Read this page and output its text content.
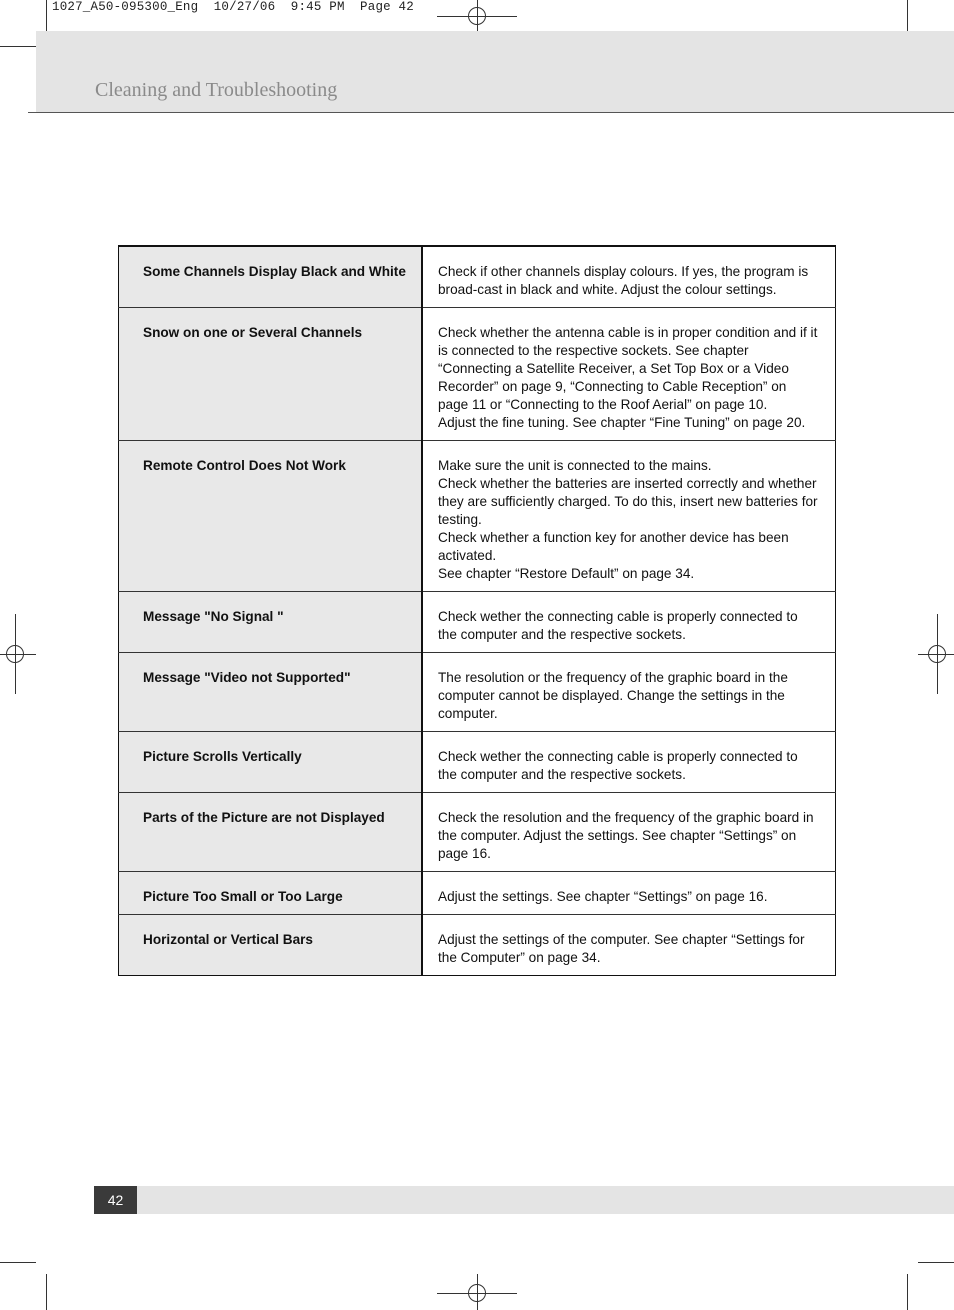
1027_A50-095300_Eng  10/27/06  9:45 PM  Page 42
Cleaning and Troubleshooting
Some Channels Display Black and White	Check if other channels display colours. If yes, the program is broad-cast in black and white. Adjust the colour settings.

Snow on one or Several Channels	Check whether the antenna cable is in proper condition and if it is connected to the respective sockets. See chapter “Connecting a Satellite Receiver, a Set Top Box or a Video Recorder” on page 9, “Connecting to Cable Reception” on page 11 or “Connecting to the Roof Aerial” on page 10.
Adjust the fine tuning. See chapter “Fine Tuning” on page 20.

Remote Control Does Not Work	Make sure the unit is connected to the mains.
Check whether the batteries are inserted correctly and whether they are sufficiently charged. To do this, insert new batteries for testing.
Check whether a function key for another device has been activated.
See chapter “Restore Default” on page 34.

Message "No Signal "	Check wether the connecting cable is properly connected to the computer and the respective sockets.

Message "Video not Supported"	The resolution or the frequency of the graphic board in the computer cannot be displayed. Change the settings in the computer.

Picture Scrolls Vertically	Check wether the connecting cable is properly connected to the computer and the respective sockets.

Parts of the Picture are not Displayed	Check the resolution and the frequency of the graphic board in the computer. Adjust the settings. See chapter “Settings” on page 16.

Picture Too Small or Too Large	Adjust the settings. See chapter “Settings” on page 16.

Horizontal or Vertical Bars	Adjust the settings of the computer. See chapter “Settings for the Computer” on page 34.
42
